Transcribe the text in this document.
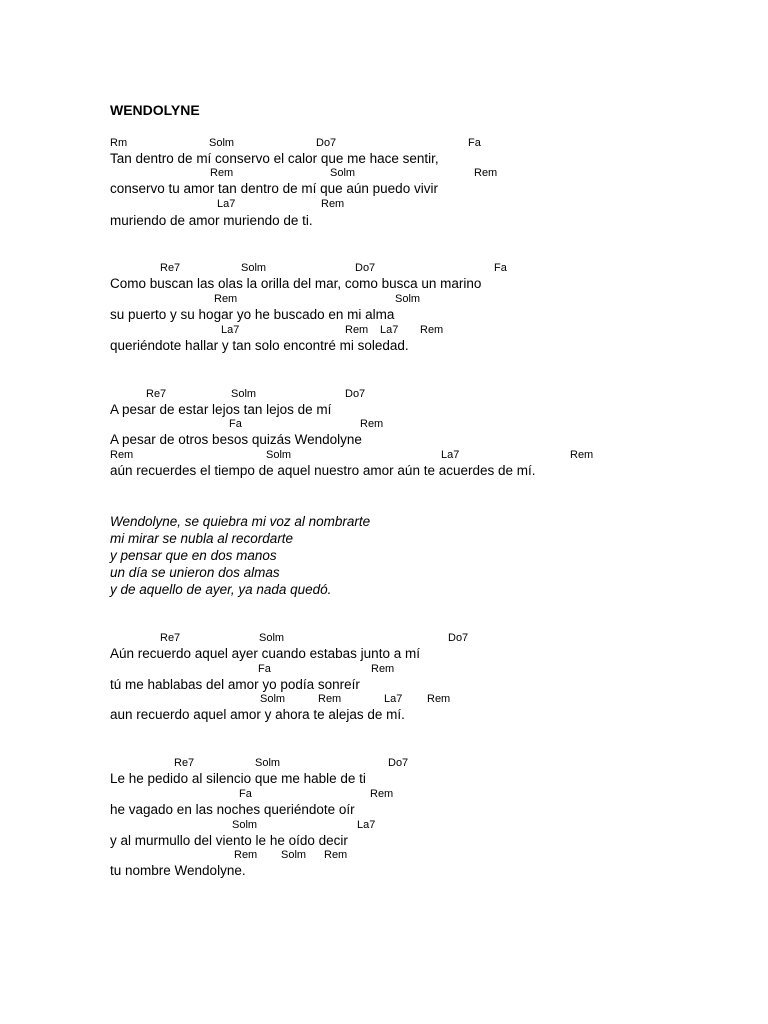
WENDOLYNE
Rm	Solm	Do7	Fa
Tan dentro de mí conservo el calor que me hace sentir,
Rem	Solm	Rem
conservo tu amor tan dentro de mí que aún puedo vivir
La7	Rem
muriendo de amor muriendo de ti.
Re7	Solm	Do7	Fa
Como buscan las olas la orilla del mar, como busca un marino
Rem	Solm
su puerto y su hogar yo he buscado en mi alma
La7	Rem La7 Rem
queriéndote hallar y tan solo encontré mi soledad.
Re7	Solm	Do7
A pesar de estar lejos tan lejos de mí
Fa	Rem
A pesar de otros besos quizás Wendolyne
Rem	Solm	La7	Rem
aún recuerdes el tiempo de aquel nuestro amor aún te acuerdes de mí.
Wendolyne, se quiebra mi voz al nombrarte
mi mirar se nubla al recordarte
y pensar que en dos manos
un día se unieron dos almas
y de aquello de ayer, ya nada quedó.
Re7	Solm	Do7
Aún recuerdo aquel ayer cuando estabas junto a mí
Fa	Rem
tú me hablabas del amor yo podía sonreír
Solm	Rem	La7 Rem
aun recuerdo aquel amor y ahora te alejas de mí.
Re7	Solm	Do7
Le he pedido al silencio que me hable de ti
Fa	Rem
he vagado en las noches queriéndote oír
Solm	La7
y al murmullo del viento le he oído decir
Rem Solm Rem
tu nombre Wendolyne.
